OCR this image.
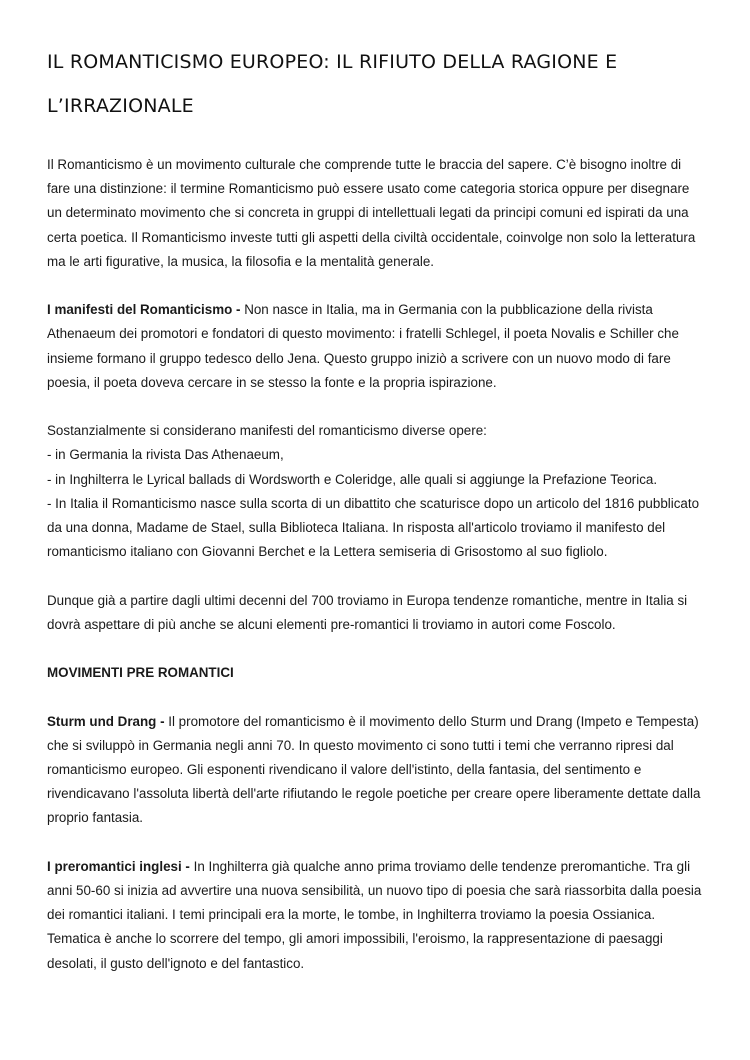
IL ROMANTICISMO EUROPEO: IL RIFIUTO DELLA RAGIONE E L’IRRAZIONALE

Il Romanticismo è un movimento culturale che comprende tutte le braccia del sapere. C’è bisogno inoltre di fare una distinzione: il termine Romanticismo può essere usato come categoria storica oppure per disegnare un determinato movimento che si concreta in gruppi di intellettuali legati da principi comuni ed ispirati da una certa poetica. Il Romanticismo investe tutti gli aspetti della civiltà occidentale, coinvolge non solo la letteratura ma le arti figurative, la musica, la filosofia e la mentalità generale.

I manifesti del Romanticismo - Non nasce in Italia, ma in Germania con la pubblicazione della rivista Athenaeum dei promotori e fondatori di questo movimento: i fratelli Schlegel, il poeta Novalis e Schiller che insieme formano il gruppo tedesco dello Jena. Questo gruppo iniziò a scrivere con un nuovo modo di fare poesia, il poeta doveva cercare in se stesso la fonte e la propria ispirazione.

Sostanzialmente si considerano manifesti del romanticismo diverse opere:
- in Germania la rivista Das Athenaeum,
- in Inghilterra le Lyrical ballads di Wordsworth e Coleridge, alle quali si aggiunge la Prefazione Teorica.
- In Italia il Romanticismo nasce sulla scorta di un dibattito che scaturisce dopo un articolo del 1816 pubblicato da una donna, Madame de Stael, sulla Biblioteca Italiana. In risposta all'articolo troviamo il manifesto del romanticismo italiano con Giovanni Berchet e la Lettera semiseria di Grisostomo al suo figliolo.

Dunque già a partire dagli ultimi decenni del 700 troviamo in Europa tendenze romantiche, mentre in Italia si dovrà aspettare di più anche se alcuni elementi pre-romantici li troviamo in autori come Foscolo.

MOVIMENTI PRE ROMANTICI

Sturm und Drang - Il promotore del romanticismo è il movimento dello Sturm und Drang (Impeto e Tempesta) che si sviluppò in Germania negli anni 70. In questo movimento ci sono tutti i temi che verranno ripresi dal romanticismo europeo. Gli esponenti rivendicano il valore dell'istinto, della fantasia, del sentimento e rivendicavano l'assoluta libertà dell'arte rifiutando le regole poetiche per creare opere liberamente dettate dalla proprio fantasia.

I preromantici inglesi - In Inghilterra già qualche anno prima troviamo delle tendenze preromantiche. Tra gli anni 50-60 si inizia ad avvertire una nuova sensibilità, un nuovo tipo di poesia che sarà riassorbita dalla poesia dei romantici italiani. I temi principali era la morte, le tombe, in Inghilterra troviamo la poesia Ossianica. Tematica è anche lo scorrere del tempo, gli amori impossibili, l'eroismo, la rappresentazione di paesaggi desolati, il gusto dell'ignoto e del fantastico.
